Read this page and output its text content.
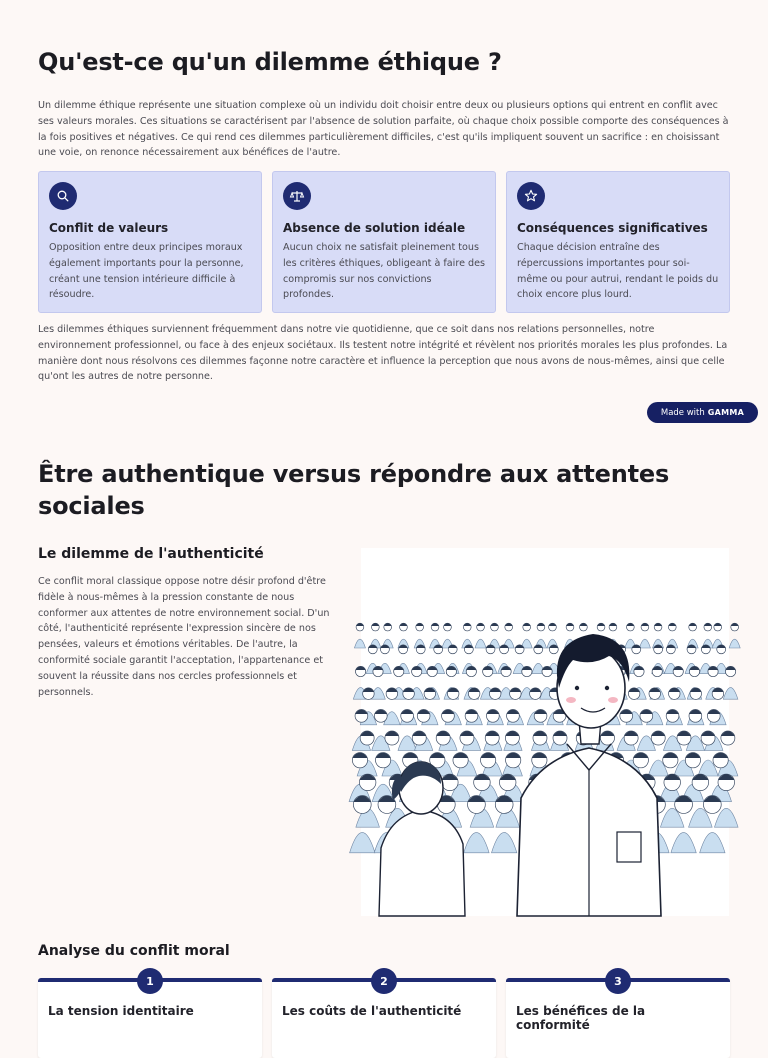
Qu'est-ce qu'un dilemme éthique ?

Un dilemme éthique représente une situation complexe où un individu doit choisir entre deux ou plusieurs options qui entrent en conflit avec ses valeurs morales. Ces situations se caractérisent par l'absence de solution parfaite, où chaque choix possible comporte des conséquences à la fois positives et négatives. Ce qui rend ces dilemmes particulièrement difficiles, c'est qu'ils impliquent souvent un sacrifice : en choisissant une voie, on renonce nécessairement aux bénéfices de l'autre.

Conflit de valeurs
Opposition entre deux principes moraux également importants pour la personne, créant une tension intérieure difficile à résoudre.
Absence de solution idéale
Aucun choix ne satisfait pleinement tous les critères éthiques, obligeant à faire des compromis sur nos convictions profondes.
Conséquences significatives
Chaque décision entraîne des répercussions importantes pour soi-même ou pour autrui, rendant le poids du choix encore plus lourd.

Les dilemmes éthiques surviennent fréquemment dans notre vie quotidienne, que ce soit dans nos relations personnelles, notre environnement professionnel, ou face à des enjeux sociétaux. Ils testent notre intégrité et révèlent nos priorités morales les plus profondes. La manière dont nous résolvons ces dilemmes façonne notre caractère et influence la perception que nous avons de nous-mêmes, ainsi que celle qu'ont les autres de notre personne.

Made with GAMMA
Être authentique versus répondre aux attentes sociales
Le dilemme de l'authenticité

Ce conflit moral classique oppose notre désir profond d'être fidèle à nous-mêmes à la pression constante de nous conformer aux attentes de notre environnement social. D'un côté, l'authenticité représente l'expression sincère de nos pensées, valeurs et émotions véritables. De l'autre, la conformité sociale garantit l'acceptation, l'appartenance et souvent la réussite dans nos cercles professionnels et personnels.

Analyse du conflit moral
1
La tension identitaire
2
Les coûts de l'authenticité
3
Les bénéfices de la conformité
